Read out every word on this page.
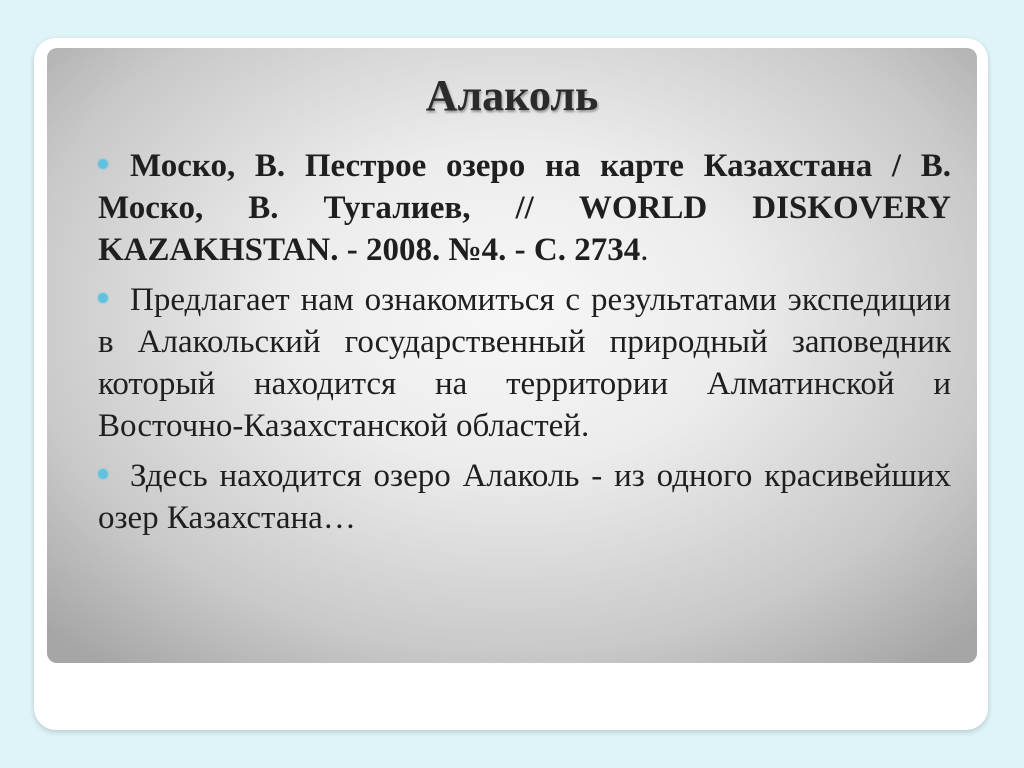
Алаколь
Моско, В. Пестрое озеро на карте Казахстана / В. Моско, В. Тугалиев, // WORLD DISKOVERY KAZAKHSTAN. - 2008. №4. - С. 2734.
Предлагает нам ознакомиться с результатами экспедиции в Алакольский государственный природный заповедник который находится на территории Алматинской и Восточно-Казахстанской областей.
Здесь находится озеро Алаколь - из одного красивейших озер Казахстана…
